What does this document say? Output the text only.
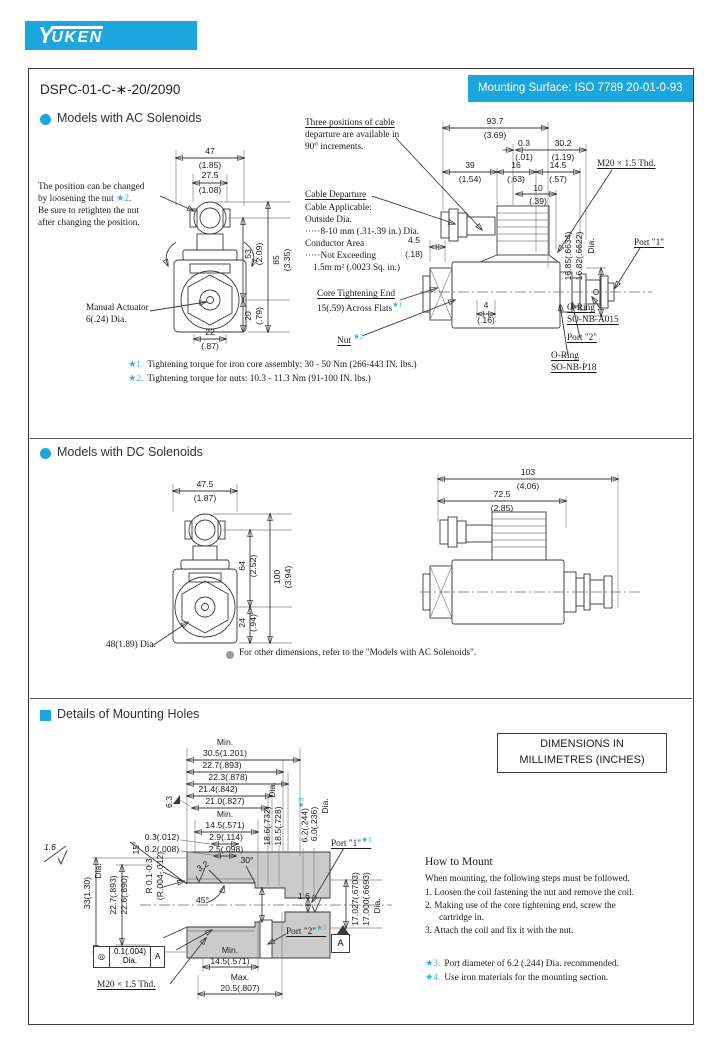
Y
UKEN
DSPC-01-C-∗-20/2090	Mounting Surface: ISO 7789 20-01-0-93
Models with AC Solenoids
The position can be changed
by loosening the nut ★2.
Be sure to retighten the nut
after changing the position.
47
(1.85)
27.5
(1.08)
53 (2.09) 85 (3.35)
20 (.79)
22
(.87)
Manual Actuator
6(.24) Dia.
Three positions of cable
departure are available in
90° increments.
Cable Departure
Cable Applicable:
Outside Dia.
·····8-10 mm (.31-.39 in.) Dia.
Conductor Area
·····Not Exceeding
1.5m m² (.0023 Sq. in.)
93.7
(3.69)
0.3
(.01)
30.2
(1.19)
39
(1.54)
16
(.63)
14.5
(.57)
10
(.39)
M20 × 1.5 Thd.
4.5
(.18)	16.85(.6634) 16.82(.6622) Dia.	Port "1"
4
(.16)
Core Tightening End
15(.59) Across Flats$^{★1}$
Nut $^{★2}$
O-Ring
SO-NB-A015
Port "2"
O-Ring
SO-NB-P18
★1. Tightening torque for iron core assembly: 30 - 50 Nm (266-443 IN. lbs.)
★2. Tightening torque for nuts: 10.3 - 11.3 Nm (91-100 IN. lbs.)
Models with DC Solenoids
47.5
(1.87)
64 (2.52) 100 (3.94)
24 (.94)
48(1.89) Dia.
103
(4.06)
72.5
(2.85)
For other dimensions, refer to the "Models with AC Solenoids".
Details of Mounting Holes
DIMENSIONS IN
MILLIMETRES (INCHES)
Min.
30.5(1.201)
22.7(.893)
22.3(.878)
21.4(.842)
21.0(.827)
6.3
Min.
14.5(.571)
0.3(.012)	2.9(.114)
0.2(.008)	2.5(.098)
15°
30°
Dia.
18.6(.732) 18.5(.728) $6.2(.244)^{★3}$
6.0(.236)
Dia.
Port "1"$^{★3}$
1.6
3.2
45°
33(1.30)
Dia.
22.7(.893) 22.6(.890) R 0.1-0.3 (R.004-.012)	17.027(.6703) 17.000(.6693) Dia.
1.6
Port "2"$^{★3}$
A
◎ 0.1(.004)
Dia. A
M20 × 1.5 Thd.
Min.
14.5(.571)
Max.
20.5(.807)
How to Mount
When mounting, the following steps must be followed.
1. Loosen the coil fastening the nut and remove the coil.
2. Making use of the core tightening end, screw the
cartridge in.
3. Attach the coil and fix it with the nut.
★3. Port diameter of 6.2 (.244) Dia. recommended.
★4. Use iron materials for the mounting section.
